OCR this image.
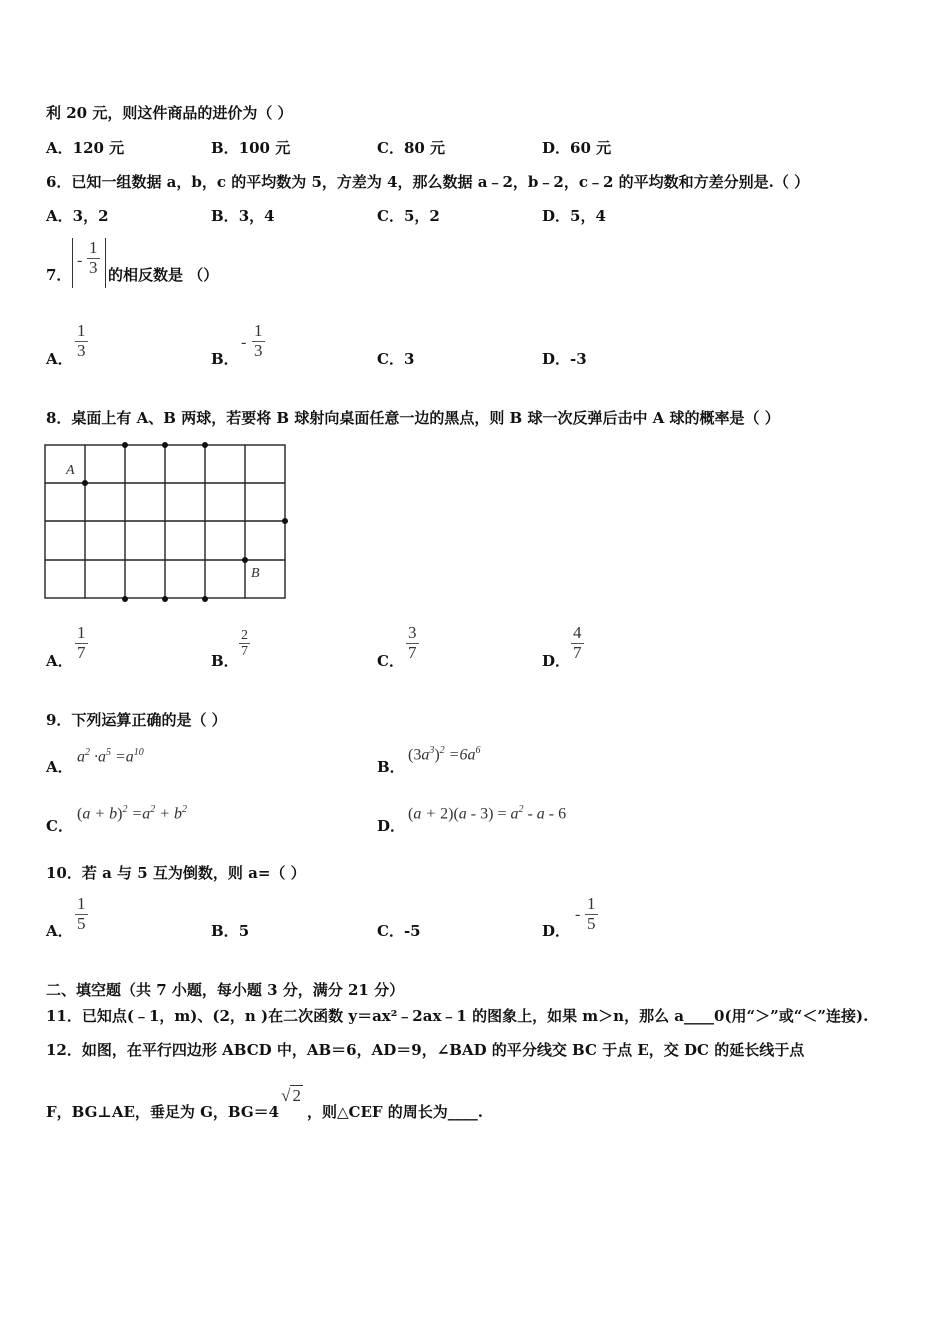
利 20 元，则这件商品的进价为（ ）
A．120 元	B．100 元	C．80 元	D．60 元
6．已知一组数据 a，b，c 的平均数为 5，方差为 4，那么数据 a﹣2，b﹣2，c﹣2 的平均数和方差分别是.（ ）
A．3，2	B．3，4	C．5，2	D．5，4
7．
- $\frac{1}{3}$ 的相反数是 （）
A． $\frac{1}{3}$	B．
- $\frac{1}{3}$	C．3	D．-3
8．桌面上有 A、B 两球，若要将 B 球射向桌面任意一边的黑点，则 B 球一次反弹后击中 A 球的概率是（ ）
A
B
A． $\frac{1}{7}$	B．
$\frac{2}{7}$
C． $\frac{3}{7}$	D． $\frac{4}{7}$
9．下列运算正确的是（ ）
A．
$a^2 \cdot a^5 =a^{10}$
B．
$(3a^3)^2 =6a^6$
C．
$(a + b)^2 =a^2 + b^2$
D．
$(a + 2)(a - 3) = a^2 - a - 6$
10．若 a 与 5 互为倒数，则 a=（ ）
A． $\frac{1}{5}$	B．5	C．-5	D．
- $\frac{1}{5}$
二、填空题（共 7 小题，每小题 3 分，满分 21 分）
11．已知点(﹣1，m)、(2，n )在二次函数 y＝ax²﹣2ax﹣1 的图象上，如果 m＞n，那么 a____0(用“＞”或“＜”连接).
12．如图，在平行四边形 ABCD 中，AB＝6，AD＝9，∠BAD 的平分线交 BC 于点 E，交 DC 的延长线于点
F，BG⊥AE，垂足为 G，BG＝4√ 2，则△CEF 的周长为____.
